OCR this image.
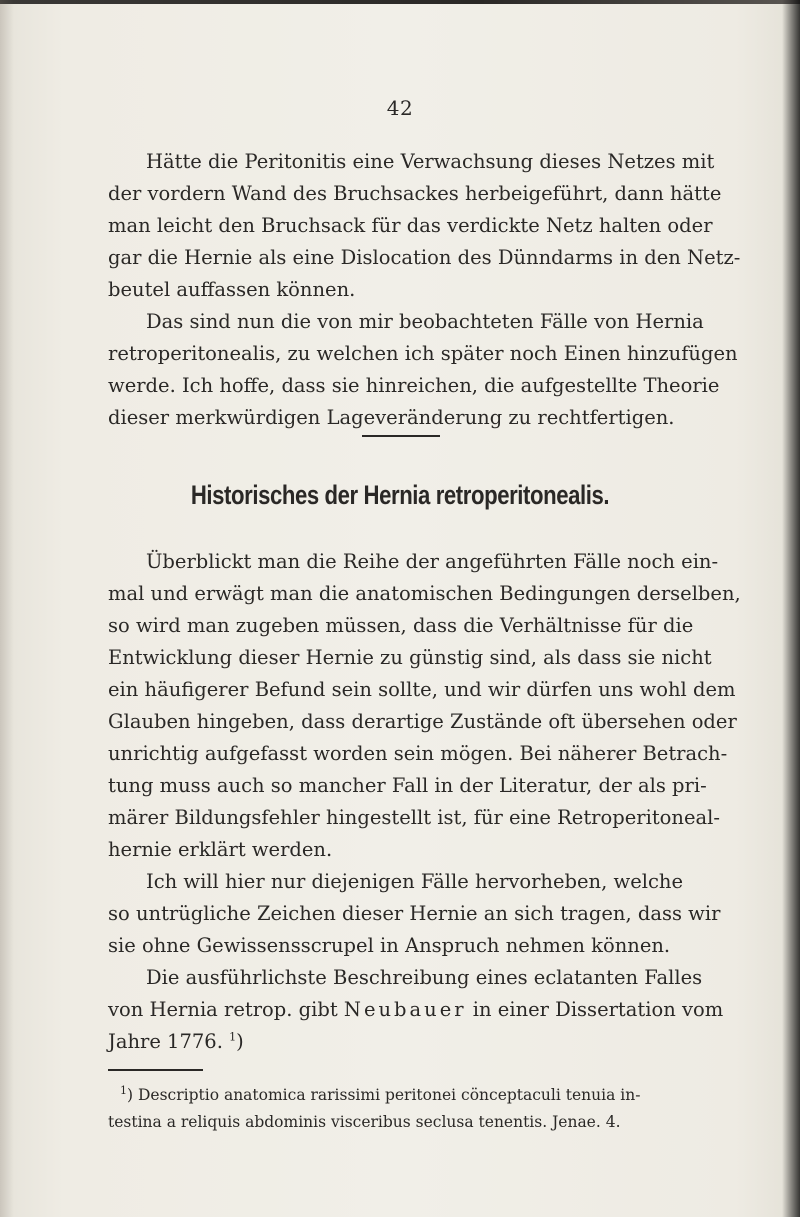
42
Hätte die Peritonitis eine Verwachsung dieses Netzes mit
der vordern Wand des Bruchsackes herbeigeführt, dann hätte
man leicht den Bruchsack für das verdickte Netz halten oder
gar die Hernie als eine Dislocation des Dünndarms in den Netz-
beutel auffassen können.
Das sind nun die von mir beobachteten Fälle von Hernia
retroperitonealis, zu welchen ich später noch Einen hinzufügen
werde. Ich hoffe, dass sie hinreichen, die aufgestellte Theorie
dieser merkwürdigen Lageveränderung zu rechtfertigen.
Historisches der Hernia retroperitonealis.
Überblickt man die Reihe der angeführten Fälle noch ein-
mal und erwägt man die anatomischen Bedingungen derselben,
so wird man zugeben müssen, dass die Verhältnisse für die
Entwicklung dieser Hernie zu günstig sind, als dass sie nicht
ein häufigerer Befund sein sollte, und wir dürfen uns wohl dem
Glauben hingeben, dass derartige Zustände oft übersehen oder
unrichtig aufgefasst worden sein mögen. Bei näherer Betrach-
tung muss auch so mancher Fall in der Literatur, der als pri-
märer Bildungsfehler hingestellt ist, für eine Retroperitoneal-
hernie erklärt werden.
Ich will hier nur diejenigen Fälle hervorheben, welche
so untrügliche Zeichen dieser Hernie an sich tragen, dass wir
sie ohne Gewissensscrupel in Anspruch nehmen können.
Die ausführlichste Beschreibung eines eclatanten Falles
von Hernia retrop. gibt Neubauer in einer Dissertation vom
Jahre 1776. $^1$)
$^1$) Descriptio anatomica rarissimi peritonei cönceptaculi tenuia in-
testina a reliquis abdominis visceribus seclusa tenentis. Jenae. 4.
